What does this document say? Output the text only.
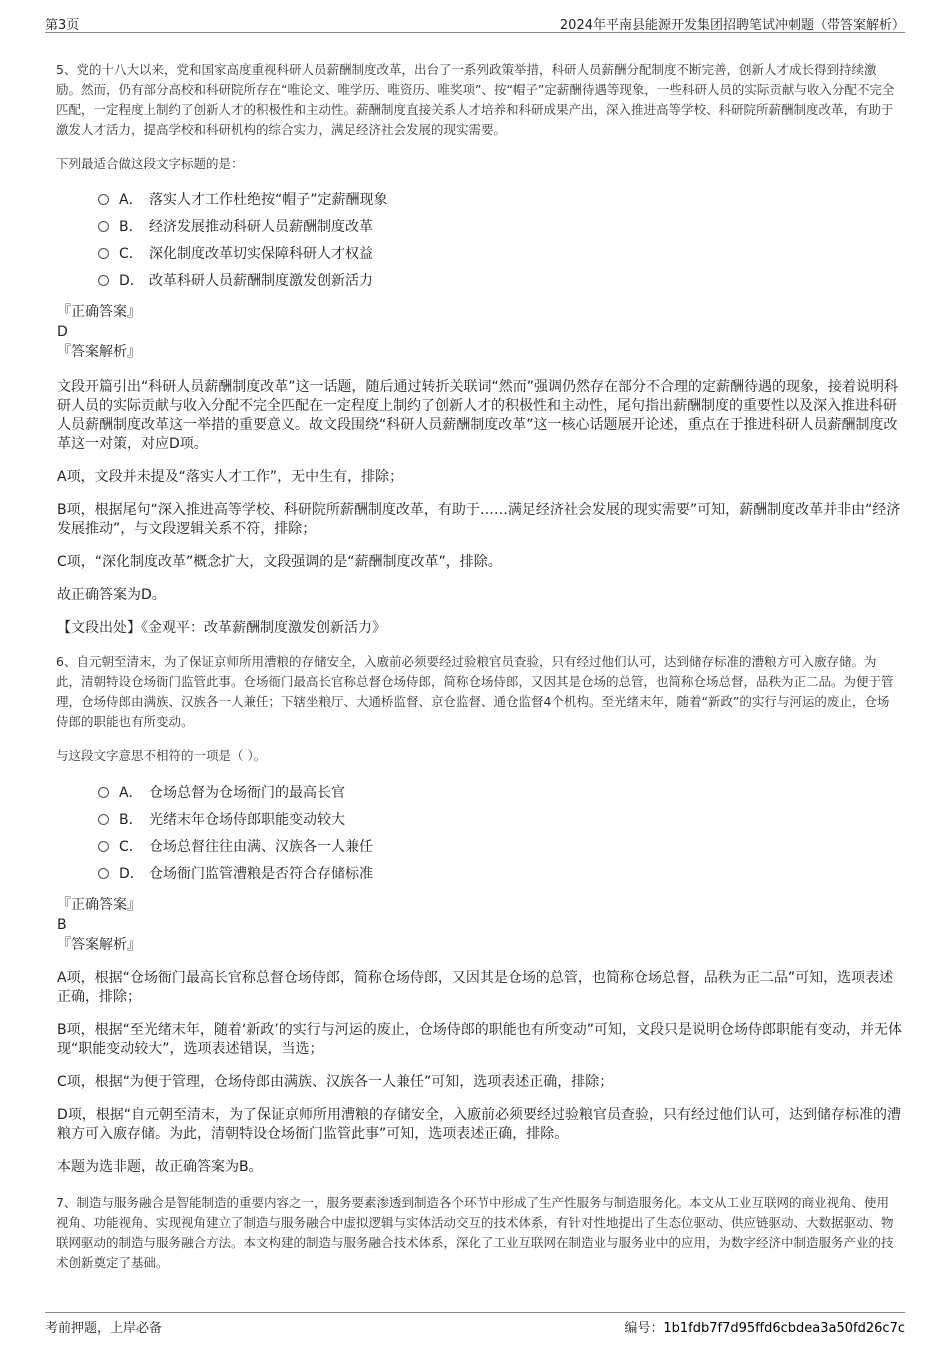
第3页	2024年平南县能源开发集团招聘笔试冲刺题（带答案解析）

5、党的十八大以来，党和国家高度重视科研人员薪酬制度改革，出台了一系列政策举措，科研人员薪酬分配制度不断完善，创新人才成长得到持续激励。然而，仍有部分高校和科研院所存在“唯论文、唯学历、唯资历、唯奖项”、按“帽子”定薪酬待遇等现象，一些科研人员的实际贡献与收入分配不完全匹配，一定程度上制约了创新人才的积极性和主动性。薪酬制度直接关系人才培养和科研成果产出，深入推进高等学校、科研院所薪酬制度改革，有助于激发人才活力，提高学校和科研机构的综合实力，满足经济社会发展的现实需要。

下列最适合做这段文字标题的是：

A． 落实人才工作杜绝按“帽子”定薪酬现象
B． 经济发展推动科研人员薪酬制度改革
C． 深化制度改革切实保障科研人才权益
D． 改革科研人员薪酬制度激发创新活力

『正确答案』

D

『答案解析』

文段开篇引出“科研人员薪酬制度改革”这一话题，随后通过转折关联词“然而”强调仍然存在部分不合理的定薪酬待遇的现象，接着说明科研人员的实际贡献与收入分配不完全匹配在一定程度上制约了创新人才的积极性和主动性，尾句指出薪酬制度的重要性以及深入推进科研人员薪酬制度改革这一举措的重要意义。故文段围绕“科研人员薪酬制度改革”这一核心话题展开论述，重点在于推进科研人员薪酬制度改革这一对策，对应D项。

A项，文段并未提及“落实人才工作”，无中生有，排除；

B项，根据尾句“深入推进高等学校、科研院所薪酬制度改革，有助于……满足经济社会发展的现实需要”可知，薪酬制度改革并非由“经济发展推动”，与文段逻辑关系不符，排除；

C项，“深化制度改革”概念扩大，文段强调的是“薪酬制度改革”，排除。

故正确答案为D。

【文段出处】《金观平：改革薪酬制度激发创新活力》

6、自元朝至清末，为了保证京师所用漕粮的存储安全，入廒前必须要经过验粮官员查验，只有经过他们认可，达到储存标准的漕粮方可入廒存储。为此，清朝特设仓场衙门监管此事。仓场衙门最高长官称总督仓场侍郎，简称仓场侍郎，又因其是仓场的总管，也简称仓场总督，品秩为正二品。为便于管理，仓场侍郎由满族、汉族各一人兼任；下辖坐粮厅、大通桥监督、京仓监督、通仓监督4个机构。至光绪末年，随着“新政”的实行与河运的废止，仓场侍郎的职能也有所变动。

与这段文字意思不相符的一项是（ ）。

A． 仓场总督为仓场衙门的最高长官
B． 光绪末年仓场侍郎职能变动较大
C． 仓场总督往往由满、汉族各一人兼任
D． 仓场衙门监管漕粮是否符合存储标准

『正确答案』

B

『答案解析』

A项，根据“仓场衙门最高长官称总督仓场侍郎，简称仓场侍郎，又因其是仓场的总管，也简称仓场总督，品秩为正二品”可知，选项表述正确，排除；

B项，根据“至光绪末年，随着‘新政’的实行与河运的废止，仓场侍郎的职能也有所变动”可知，文段只是说明仓场侍郎职能有变动，并无体现“职能变动较大”，选项表述错误，当选；

C项，根据“为便于管理，仓场侍郎由满族、汉族各一人兼任”可知，选项表述正确，排除；

D项，根据“自元朝至清末，为了保证京师所用漕粮的存储安全，入廒前必须要经过验粮官员查验，只有经过他们认可，达到储存标准的漕粮方可入廒存储。为此，清朝特设仓场衙门监管此事”可知，选项表述正确，排除。

本题为选非题，故正确答案为B。

7、制造与服务融合是智能制造的重要内容之一，服务要素渗透到制造各个环节中形成了生产性服务与制造服务化。本文从工业互联网的商业视角、使用视角、功能视角、实现视角建立了制造与服务融合中虚拟逻辑与实体活动交互的技术体系，有针对性地提出了生态位驱动、供应链驱动、大数据驱动、物联网驱动的制造与服务融合方法。本文构建的制造与服务融合技术体系，深化了工业互联网在制造业与服务业中的应用，为数字经济中制造服务产业的技术创新奠定了基础。

考前押题，上岸必备	编号：1b1fdb7f7d95ffd6cbdea3a50fd26c7c
